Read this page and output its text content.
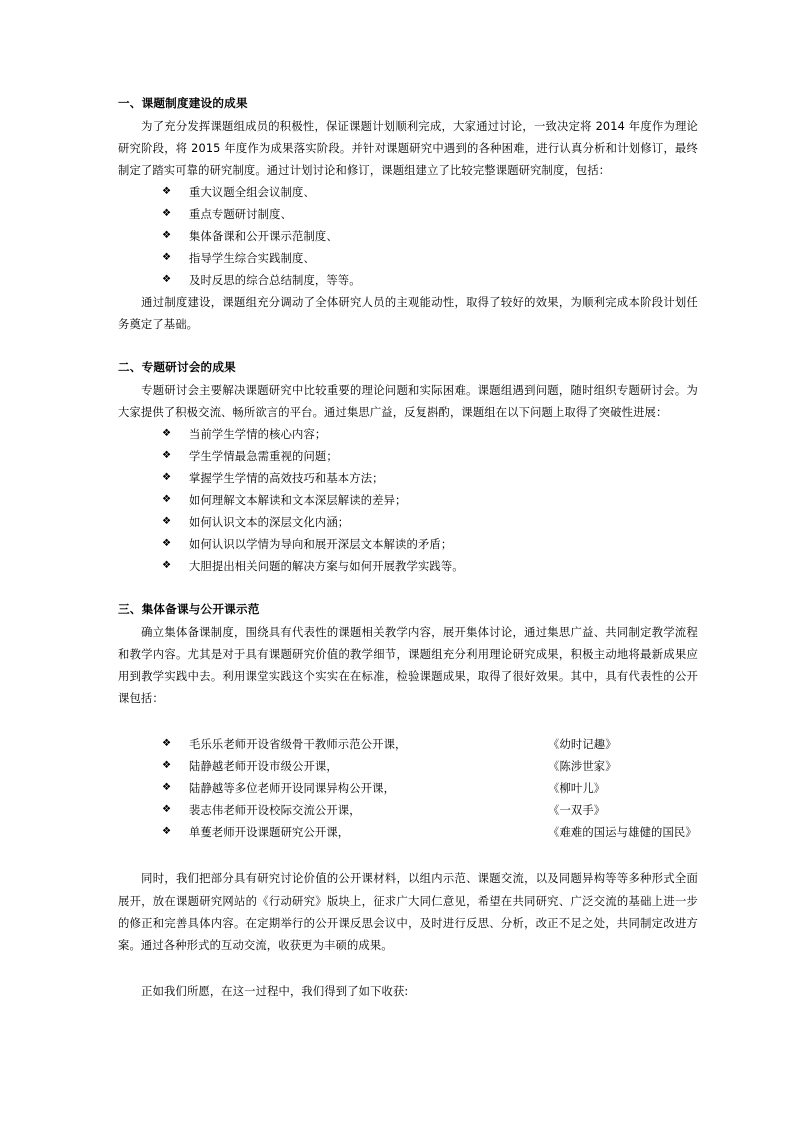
一、课题制度建设的成果

为了充分发挥课题组成员的积极性，保证课题计划顺利完成，大家通过讨论，一致决定将 2014 年度作为理论研究阶段，将 2015 年度作为成果落实阶段。并针对课题研究中遇到的各种困难，进行认真分析和计划修订，最终制定了踏实可靠的研究制度。通过计划讨论和修订，课题组建立了比较完整课题研究制度，包括：

❖	重大议题全组会议制度、
❖	重点专题研讨制度、
❖	集体备课和公开课示范制度、
❖	指导学生综合实践制度、
❖	及时反思的综合总结制度，等等。

通过制度建设，课题组充分调动了全体研究人员的主观能动性，取得了较好的效果，为顺利完成本阶段计划任务奠定了基础。

二、专题研讨会的成果

专题研讨会主要解决课题研究中比较重要的理论问题和实际困难。课题组遇到问题，随时组织专题研讨会。为大家提供了积极交流、畅所欲言的平台。通过集思广益，反复斟酌，课题组在以下问题上取得了突破性进展：

❖	当前学生学情的核心内容；
❖	学生学情最急需重视的问题；
❖	掌握学生学情的高效技巧和基本方法；
❖	如何理解文本解读和文本深层解读的差异；
❖	如何认识文本的深层文化内涵；
❖	如何认识以学情为导向和展开深层文本解读的矛盾；
❖	大胆提出相关问题的解决方案与如何开展教学实践等。
三、集体备课与公开课示范

确立集体备课制度，围绕具有代表性的课题相关教学内容，展开集体讨论，通过集思广益、共同制定教学流程和教学内容。尤其是对于具有课题研究价值的教学细节，课题组充分利用理论研究成果，积极主动地将最新成果应用到教学实践中去。利用课堂实践这个实实在在标准，检验课题成果，取得了很好效果。其中，具有代表性的公开课包括：

❖	毛乐乐老师开设省级骨干教师示范公开课，	《幼时记趣》
❖	陆静越老师开设市级公开课，	《陈涉世家》
❖	陆静越等多位老师开设同课异构公开课，	《柳叶儿》
❖	裴志伟老师开设校际交流公开课，	《一双手》
❖	单蒦老师开设课题研究公开课，	《难难的国运与雄健的国民》

同时，我们把部分具有研究讨论价值的公开课材料，以组内示范、课题交流，以及同题异构等等多种形式全面展开，放在课题研究网站的《行动研究》版块上，征求广大同仁意见，希望在共同研究、广泛交流的基础上进一步的修正和完善具体内容。在定期举行的公开课反思会议中，及时进行反思、分析，改正不足之处，共同制定改进方案。通过各种形式的互动交流，收获更为丰硕的成果。

正如我们所愿，在这一过程中，我们得到了如下收获:
